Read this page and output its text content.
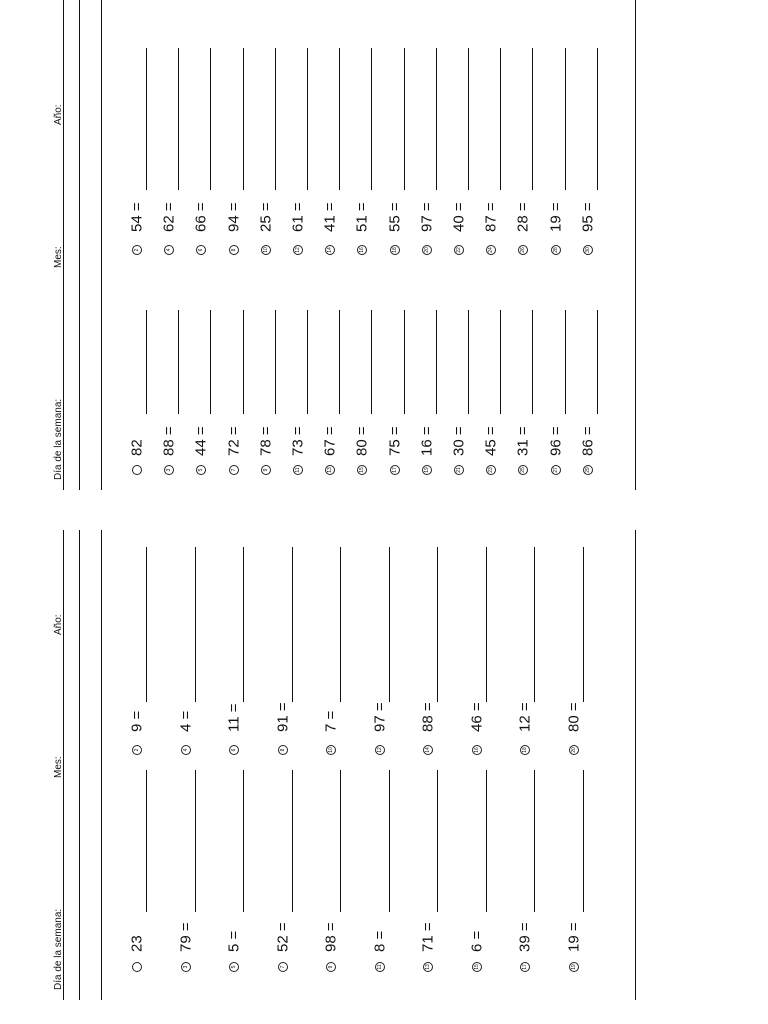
Día de la semana:
Mes:
Año:
82
3
88 =
5
44 =
7
72 =
9
78 =
11
73 =
13
67 =
15
80 =
17
75 =
19
16 =
21
30 =
23
45 =
25
31 =
27
96 =
29
86 =
2
54 =
4
62 =
6
66 =
8
94 =
10
25 =
12
61 =
14
41 =
16
51 =
18
55 =
20
97 =
22
40 =
24
87 =
26
28 =
28
19 =
30
95 =
Día de la semana:
Mes:
Año:
23
3
79 =
5
5 =
7
52 =
9
98 =
11
8 =
13
71 =
15
6 =
17
39 =
19
19 =
2
9 =
4
4 =
6
11 =
8
91 =
10
7 =
12
97 =
14
88 =
16
46 =
18
12 =
20
80 =
